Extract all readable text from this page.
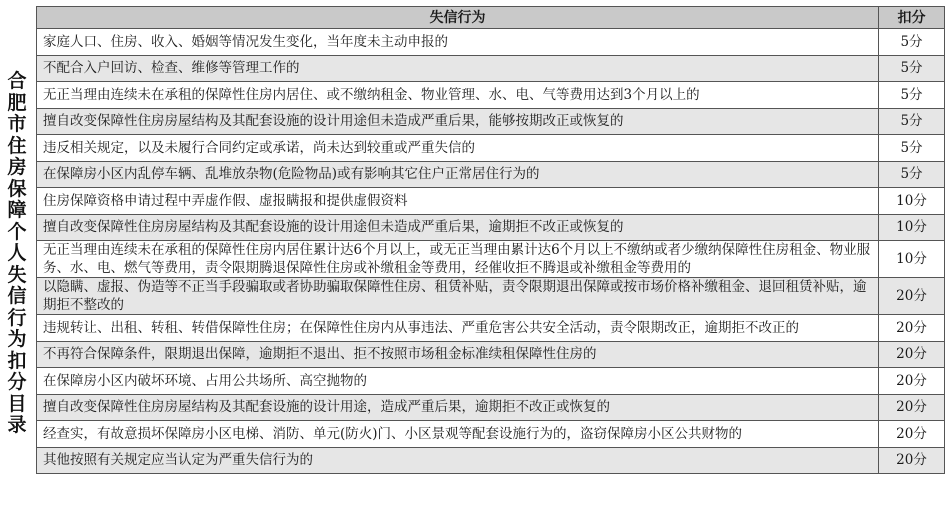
合
肥
市
住
房
保
障
个
人
失
信
行
为
扣
分
目
录
失信行为	扣分
家庭人口、住房、收入、婚姻等情况发生变化，当年度未主动申报的	5分
不配合入户回访、检查、维修等管理工作的	5分
无正当理由连续未在承租的保障性住房内居住、或不缴纳租金、物业管理、水、电、气等费用达到3个月以上的	5分
擅自改变保障性住房房屋结构及其配套设施的设计用途但未造成严重后果，能够按期改正或恢复的	5分
违反相关规定，以及未履行合同约定或承诺，尚未达到较重或严重失信的	5分
在保障房小区内乱停车辆、乱堆放杂物(危险物品)或有影响其它住户正常居住行为的	5分
住房保障资格申请过程中弄虚作假、虚报瞒报和提供虚假资料	10分
擅自改变保障性住房房屋结构及其配套设施的设计用途但未造成严重后果，逾期拒不改正或恢复的	10分
无正当理由连续未在承租的保障性住房内居住累计达6个月以上，或无正当理由累计达6个月以上不缴纳或者少缴纳保障性住房租金、物业服务、水、电、燃气等费用，责令限期腾退保障性住房或补缴租金等费用，经催收拒不腾退或补缴租金等费用的	10分
以隐瞒、虚报、伪造等不正当手段骗取或者协助骗取保障性住房、租赁补贴，责令限期退出保障或按市场价格补缴租金、退回租赁补贴，逾期拒不整改的	20分
违规转让、出租、转租、转借保障性住房；在保障性住房内从事违法、严重危害公共安全活动，责令限期改正，逾期拒不改正的	20分
不再符合保障条件，限期退出保障，逾期拒不退出、拒不按照市场租金标准续租保障性住房的	20分
在保障房小区内破坏环境、占用公共场所、高空抛物的	20分
擅自改变保障性住房房屋结构及其配套设施的设计用途，造成严重后果，逾期拒不改正或恢复的	20分
经查实，有故意损坏保障房小区电梯、消防、单元(防火)门、小区景观等配套设施行为的，盗窃保障房小区公共财物的	20分
其他按照有关规定应当认定为严重失信行为的	20分
